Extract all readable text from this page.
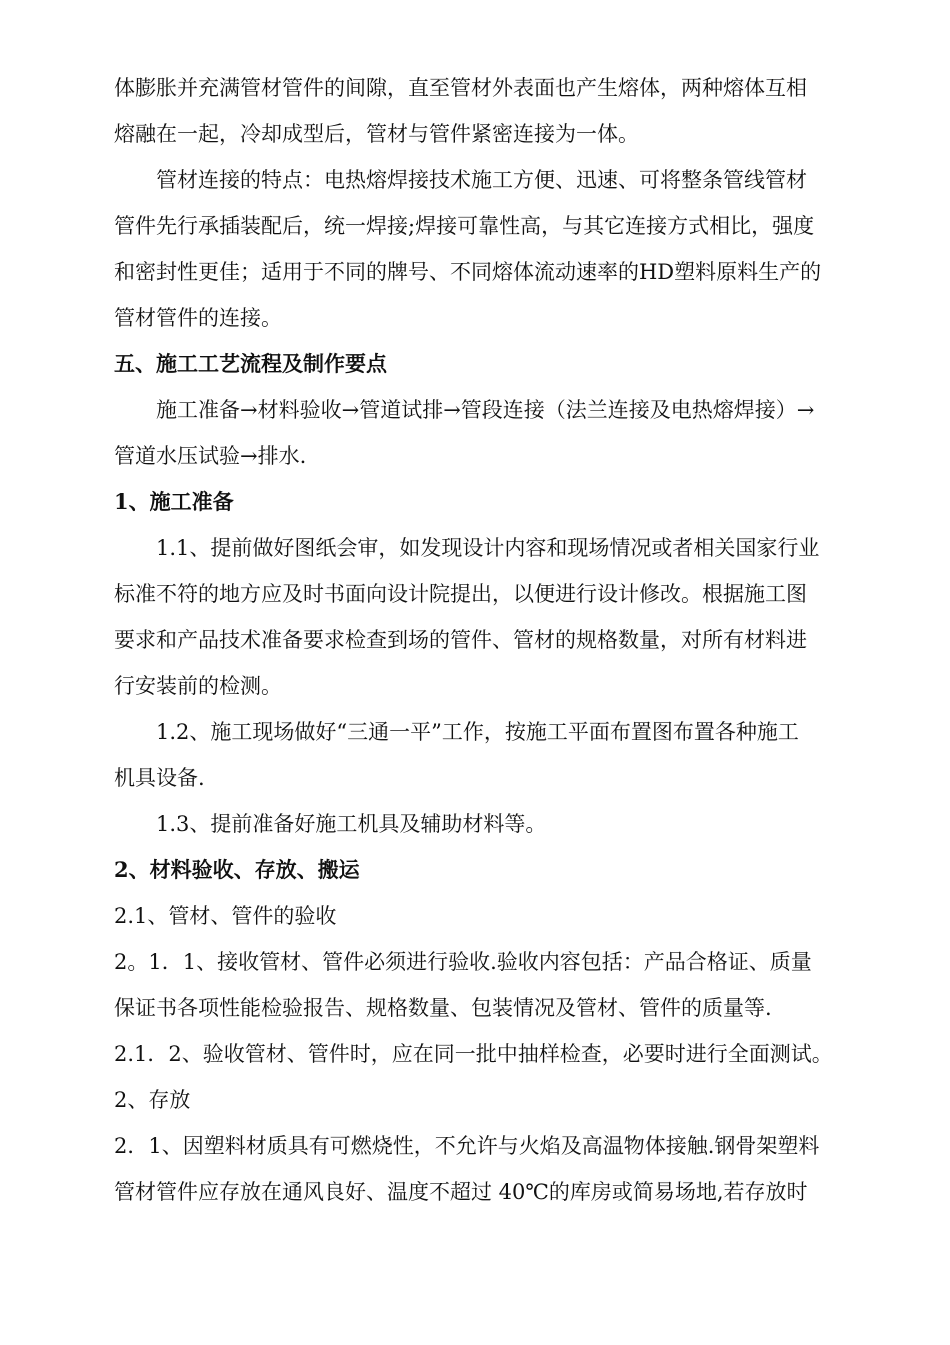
体膨胀并充满管材管件的间隙，直至管材外表面也产生熔体，两种熔体互相
熔融在一起，冷却成型后，管材与管件紧密连接为一体。
管材连接的特点：电热熔焊接技术施工方便、迅速、可将整条管线管材
管件先行承插装配后，统一焊接;焊接可靠性高，与其它连接方式相比，强度
和密封性更佳；适用于不同的牌号、不同熔体流动速率的HD塑料原料生产的
管材管件的连接。
五、施工工艺流程及制作要点
施工准备→材料验收→管道试排→管段连接（法兰连接及电热熔焊接）→
管道水压试验→排水.
1、施工准备
1.1、提前做好图纸会审，如发现设计内容和现场情况或者相关国家行业
标准不符的地方应及时书面向设计院提出，以便进行设计修改。根据施工图
要求和产品技术准备要求检查到场的管件、管材的规格数量，对所有材料进
行安装前的检测。
1.2、施工现场做好“三通一平”工作，按施工平面布置图布置各种施工
机具设备.
1.3、提前准备好施工机具及辅助材料等。
2、材料验收、存放、搬运
2.1、管材、管件的验收
2。1．1、接收管材、管件必须进行验收.验收内容包括：产品合格证、质量
保证书各项性能检验报告、规格数量、包装情况及管材、管件的质量等.
2.1．2、验收管材、管件时，应在同一批中抽样检查，必要时进行全面测试。
2、存放
2．1、因塑料材质具有可燃烧性，不允许与火焰及高温物体接触.钢骨架塑料
管材管件应存放在通风良好、温度不超过 40℃的库房或简易场地,若存放时
